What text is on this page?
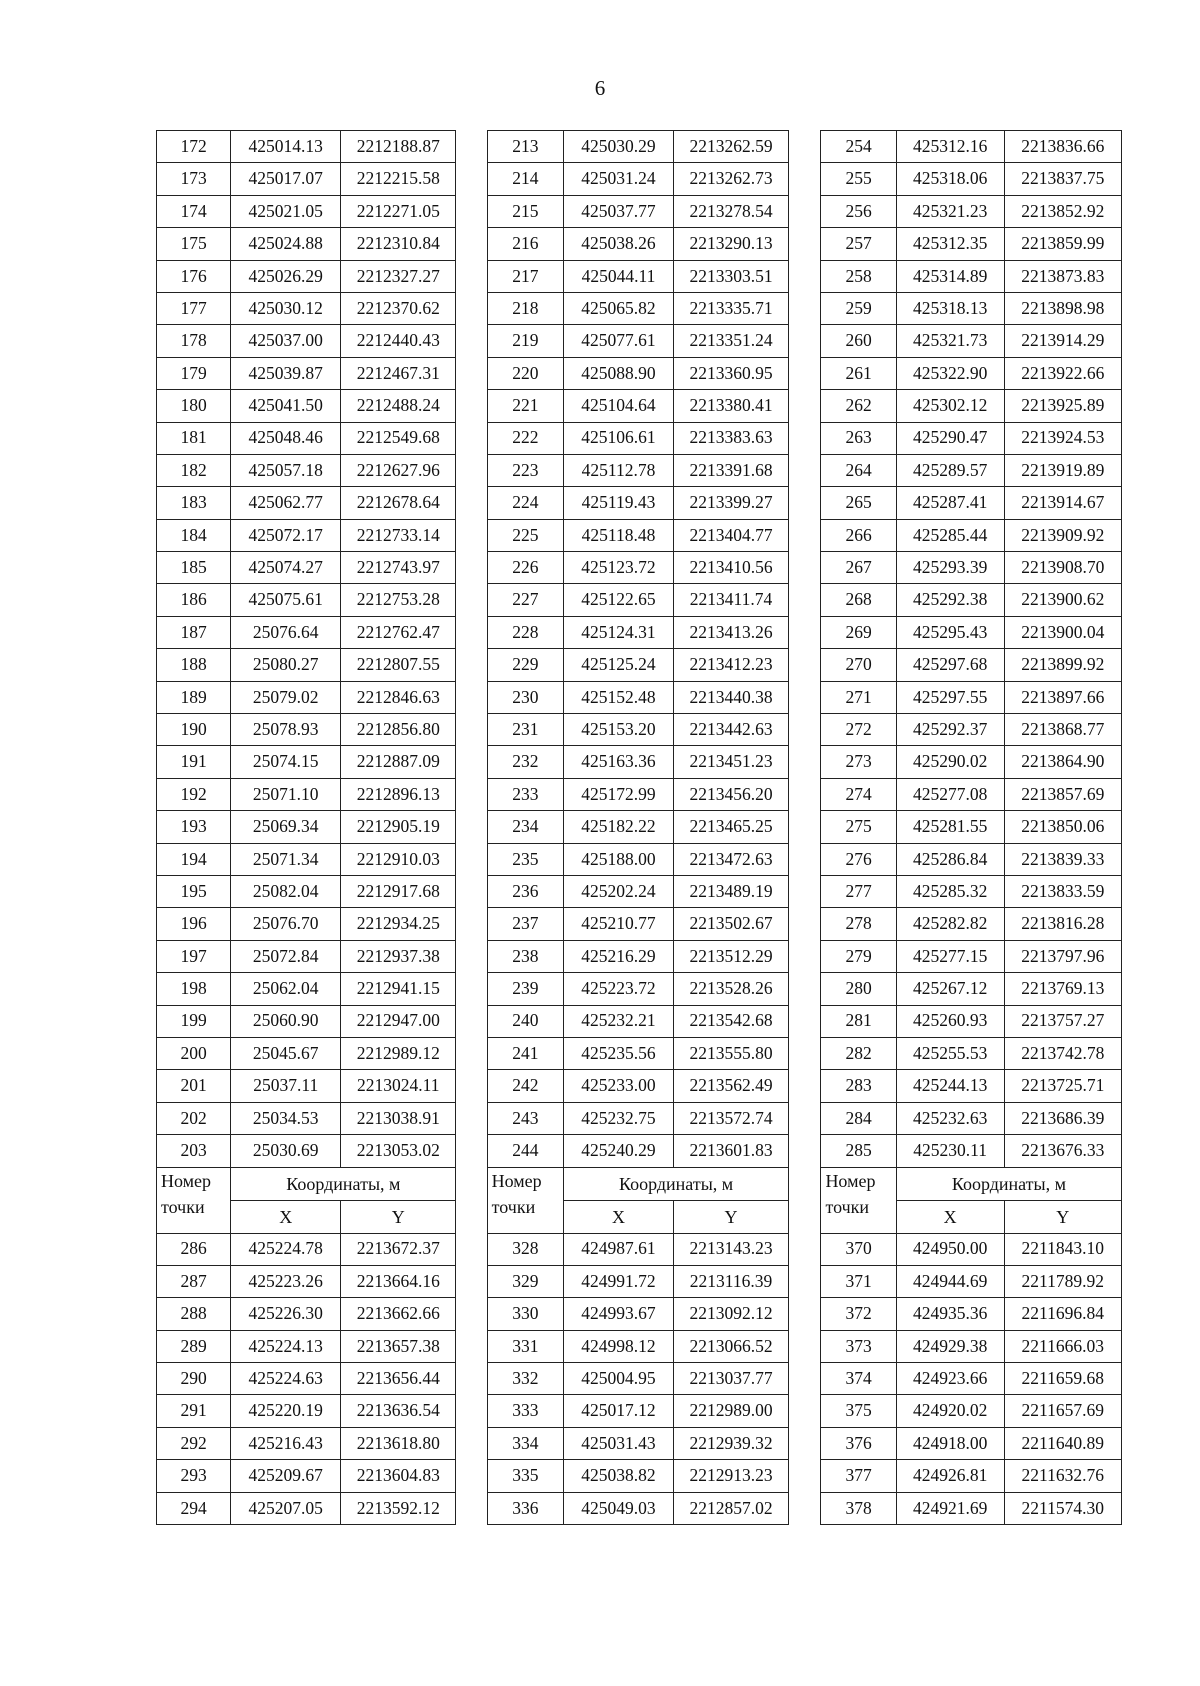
6
172	425014.13	2212188.87		213	425030.29	2213262.59		254	425312.16	2213836.66
173	425017.07	2212215.58		214	425031.24	2213262.73		255	425318.06	2213837.75
174	425021.05	2212271.05		215	425037.77	2213278.54		256	425321.23	2213852.92
175	425024.88	2212310.84		216	425038.26	2213290.13		257	425312.35	2213859.99
176	425026.29	2212327.27		217	425044.11	2213303.51		258	425314.89	2213873.83
177	425030.12	2212370.62		218	425065.82	2213335.71		259	425318.13	2213898.98
178	425037.00	2212440.43		219	425077.61	2213351.24		260	425321.73	2213914.29
179	425039.87	2212467.31		220	425088.90	2213360.95		261	425322.90	2213922.66
180	425041.50	2212488.24		221	425104.64	2213380.41		262	425302.12	2213925.89
181	425048.46	2212549.68		222	425106.61	2213383.63		263	425290.47	2213924.53
182	425057.18	2212627.96		223	425112.78	2213391.68		264	425289.57	2213919.89
183	425062.77	2212678.64		224	425119.43	2213399.27		265	425287.41	2213914.67
184	425072.17	2212733.14		225	425118.48	2213404.77		266	425285.44	2213909.92
185	425074.27	2212743.97		226	425123.72	2213410.56		267	425293.39	2213908.70
186	425075.61	2212753.28		227	425122.65	2213411.74		268	425292.38	2213900.62
187	25076.64	2212762.47		228	425124.31	2213413.26		269	425295.43	2213900.04
188	25080.27	2212807.55		229	425125.24	2213412.23		270	425297.68	2213899.92
189	25079.02	2212846.63		230	425152.48	2213440.38		271	425297.55	2213897.66
190	25078.93	2212856.80		231	425153.20	2213442.63		272	425292.37	2213868.77
191	25074.15	2212887.09		232	425163.36	2213451.23		273	425290.02	2213864.90
192	25071.10	2212896.13		233	425172.99	2213456.20		274	425277.08	2213857.69
193	25069.34	2212905.19		234	425182.22	2213465.25		275	425281.55	2213850.06
194	25071.34	2212910.03		235	425188.00	2213472.63		276	425286.84	2213839.33
195	25082.04	2212917.68		236	425202.24	2213489.19		277	425285.32	2213833.59
196	25076.70	2212934.25		237	425210.77	2213502.67		278	425282.82	2213816.28
197	25072.84	2212937.38		238	425216.29	2213512.29		279	425277.15	2213797.96
198	25062.04	2212941.15		239	425223.72	2213528.26		280	425267.12	2213769.13
199	25060.90	2212947.00		240	425232.21	2213542.68		281	425260.93	2213757.27
200	25045.67	2212989.12		241	425235.56	2213555.80		282	425255.53	2213742.78
201	25037.11	2213024.11		242	425233.00	2213562.49		283	425244.13	2213725.71
202	25034.53	2213038.91		243	425232.75	2213572.74		284	425232.63	2213686.39
203	25030.69	2213053.02		244	425240.29	2213601.83		285	425230.11	2213676.33
Номер точки	Координаты, м			Номер точки	Координаты, м			Номер точки	Координаты, м	
	X	Y			X	Y			X	Y
286	425224.78	2213672.37		328	424987.61	2213143.23		370	424950.00	2211843.10
287	425223.26	2213664.16		329	424991.72	2213116.39		371	424944.69	2211789.92
288	425226.30	2213662.66		330	424993.67	2213092.12		372	424935.36	2211696.84
289	425224.13	2213657.38		331	424998.12	2213066.52		373	424929.38	2211666.03
290	425224.63	2213656.44		332	425004.95	2213037.77		374	424923.66	2211659.68
291	425220.19	2213636.54		333	425017.12	2212989.00		375	424920.02	2211657.69
292	425216.43	2213618.80		334	425031.43	2212939.32		376	424918.00	2211640.89
293	425209.67	2213604.83		335	425038.82	2212913.23		377	424926.81	2211632.76
294	425207.05	2213592.12		336	425049.03	2212857.02		378	424921.69	2211574.30
